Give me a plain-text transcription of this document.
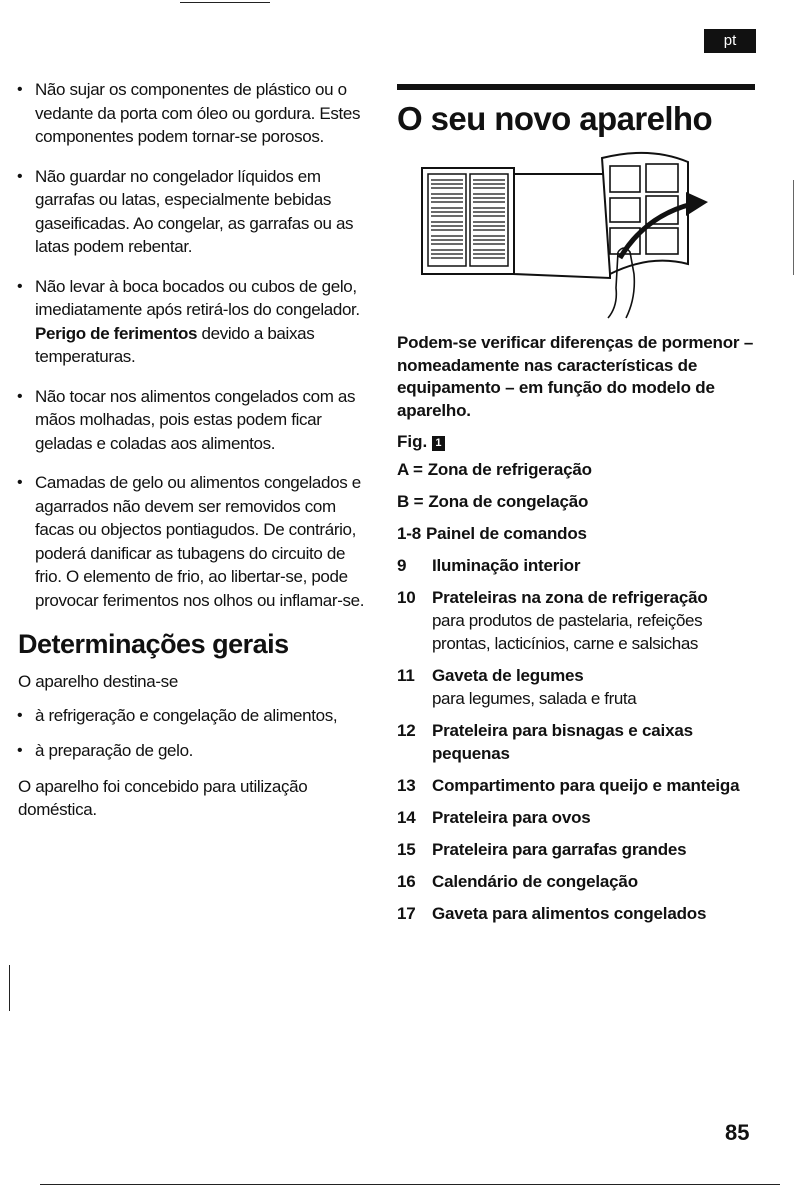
• Não sujar os componentes de plástico ou o vedante da porta com óleo ou gordura. Estes componentes podem tornar-se porosos.
• Não guardar no congelador líquidos em garrafas ou latas, especialmente bebidas gaseificadas. Ao congelar, as garrafas ou as latas podem rebentar.
• Não levar à boca bocados ou cubos de gelo, imediatamente após retirá-los do congelador. Perigo de ferimentos devido a baixas temperaturas.
• Não tocar nos alimentos congelados com as mãos molhadas, pois estas podem ficar geladas e coladas aos alimentos.
• Camadas de gelo ou alimentos congelados e agarrados não devem ser removidos com facas ou objectos pontiagudos. De contrário, poderá danificar as tubagens do circuito de frio. O elemento de frio, ao libertar-se, pode provocar ferimentos nos olhos ou inflamar-se.
Determinações gerais

O aparelho destina-se

• à refrigeração e congelação de alimentos,
• à preparação de gelo.

O aparelho foi concebido para utilização doméstica.

pt
O seu novo aparelho

Podem-se verificar diferenças de pormenor – nomeadamente nas características de equipamento – em função do modelo de aparelho.

Fig. 1

A = Zona de refrigeração
B = Zona de congelação
1-8 Painel de comandos
9	Iluminação interior
10 Prateleiras na zona de refrigeração
para produtos de pastelaria, refeições prontas, lacticínios, carne e salsichas
11	Gaveta de legumes
para legumes, salada e fruta
12 Prateleira para bisnagas e caixas pequenas
13 Compartimento para queijo e manteiga
14 Prateleira para ovos
15 Prateleira para garrafas grandes
16 Calendário de congelação
17 Gaveta para alimentos congelados
85
